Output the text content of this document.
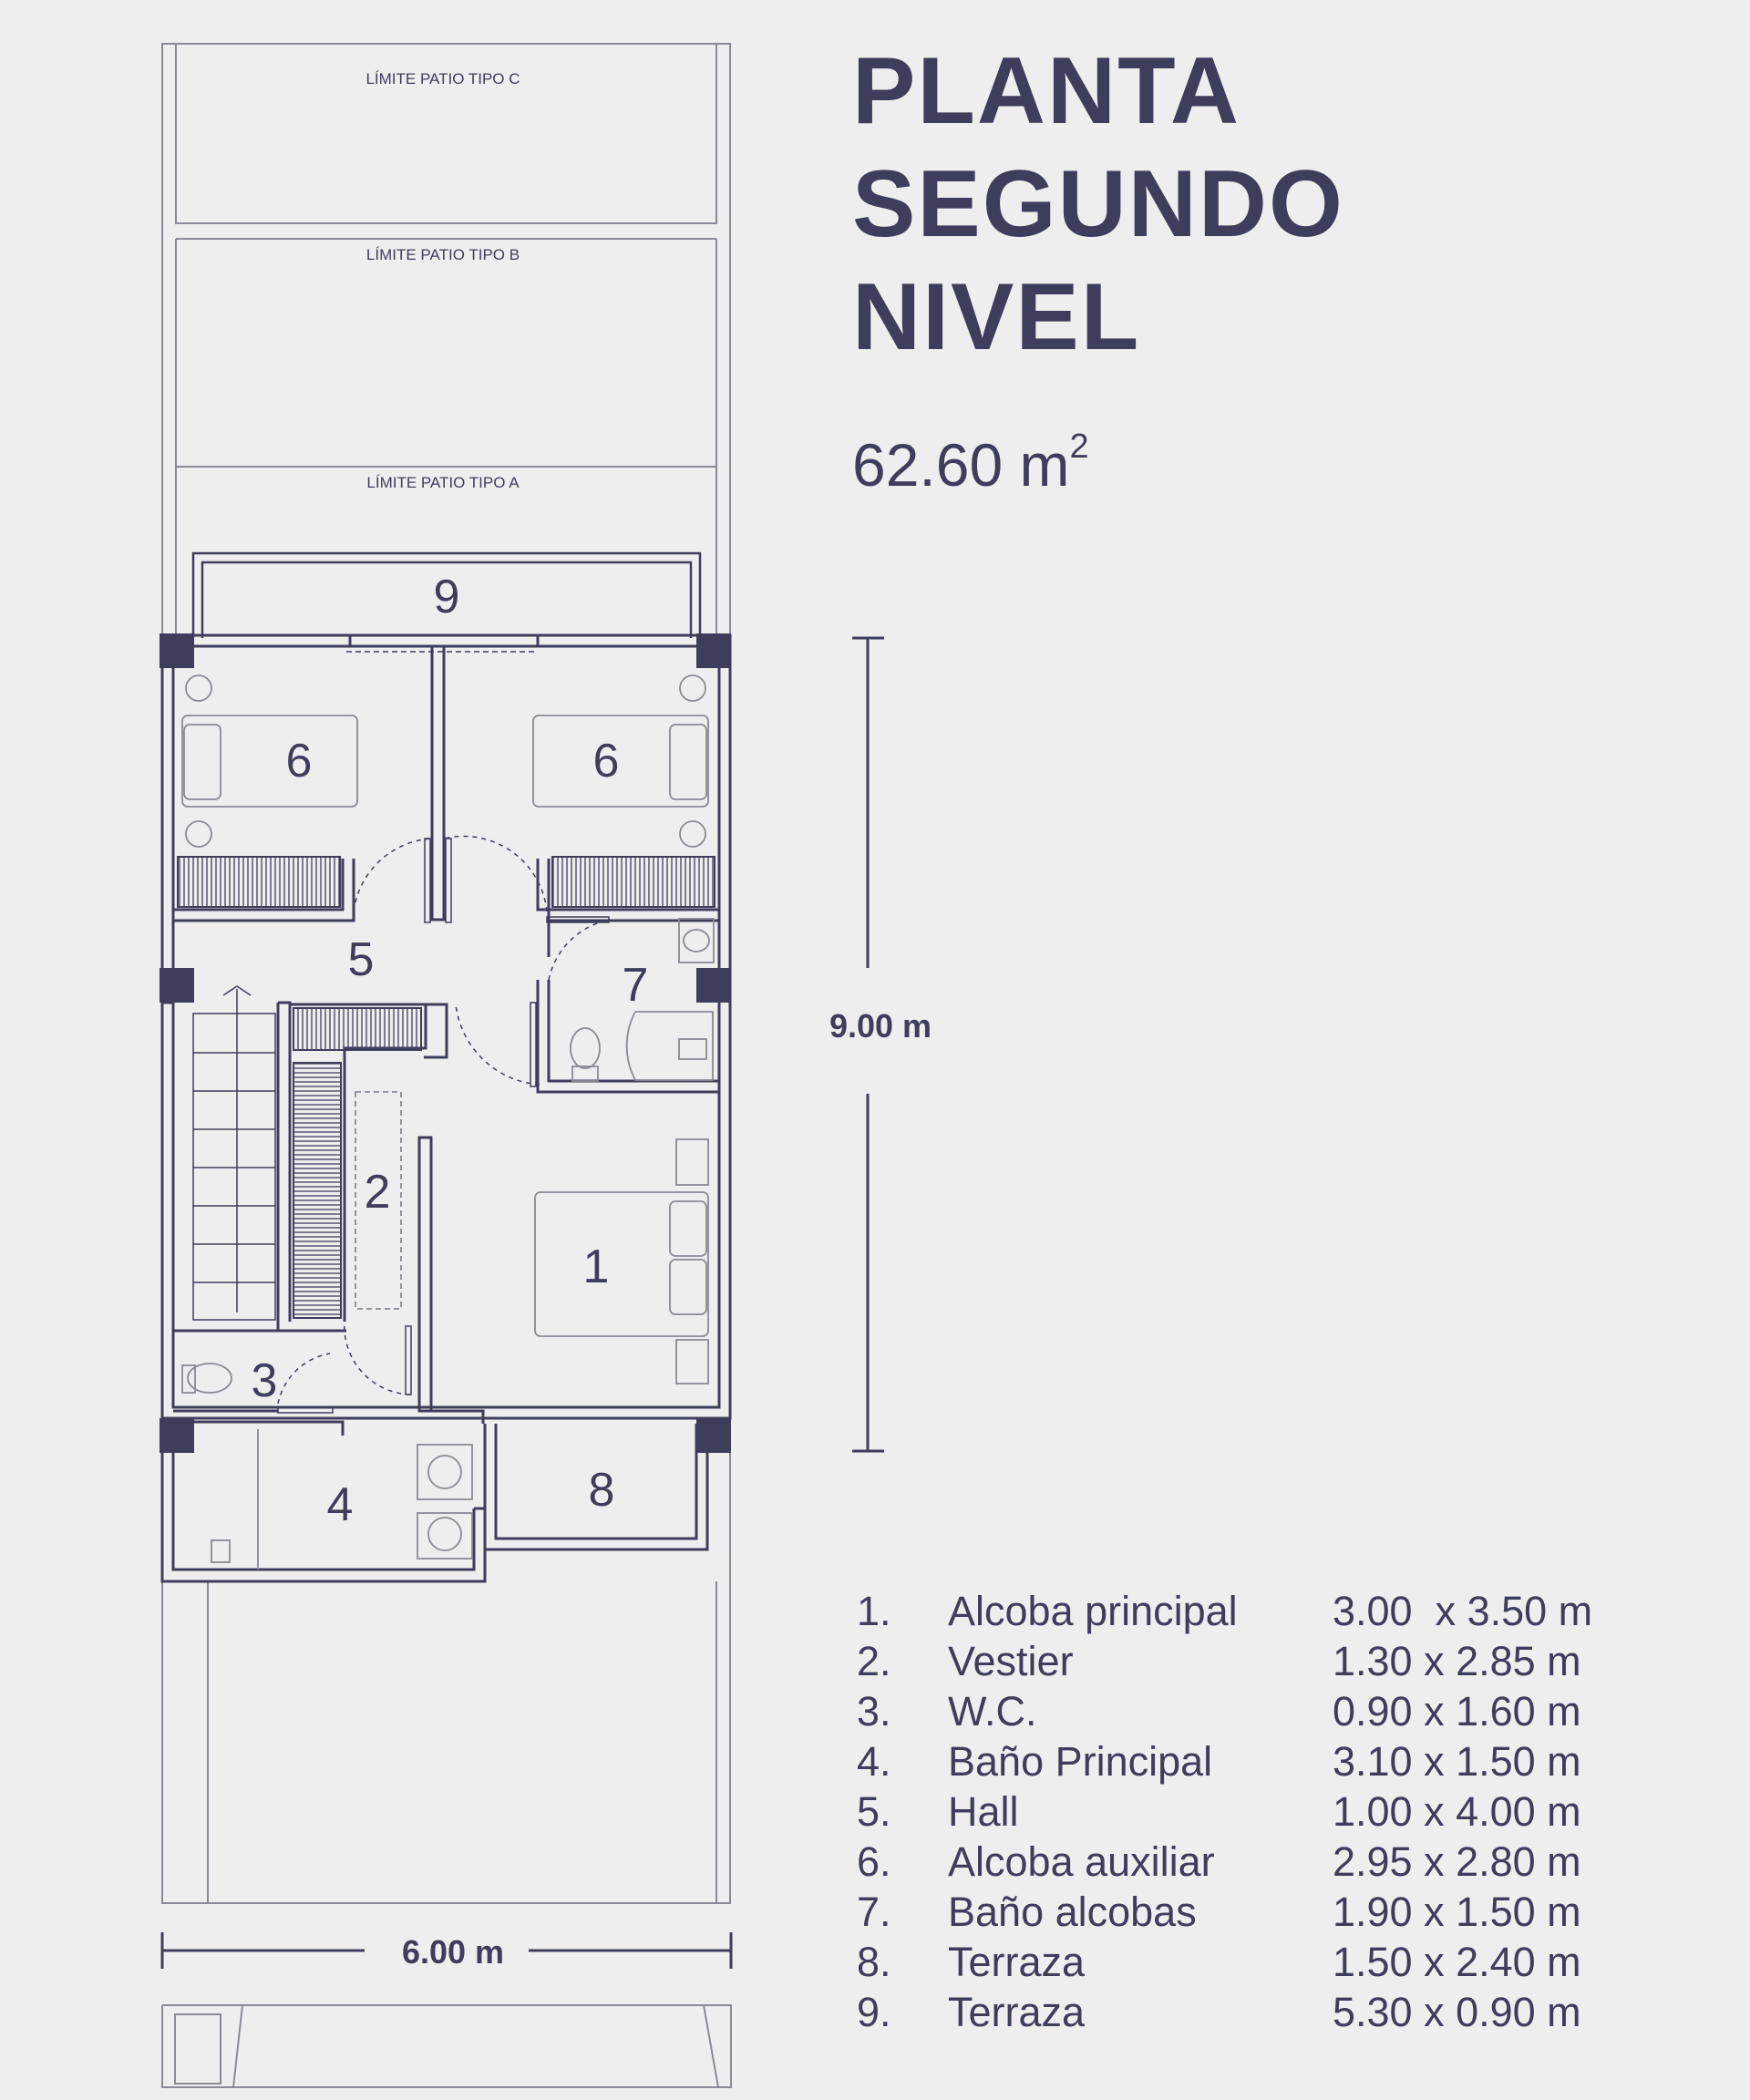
LÍMITE PATIO TIPO C
LÍMITE PATIO TIPO B
LÍMITE PATIO TIPO A
9
6	6
5	7
2
1
3
4	8
6.00 m
9.00 m
PLANTA
SEGUNDO
NIVEL
62.60 $m^2$
1. Alcoba principal 3.00  x 3.50 m
2. Vestier	1.30 x 2.85 m
3. W.C.	0.90 x 1.60 m
4. Baño Principal	3.10 x 1.50 m
5. Hall	1.00 x 4.00 m
6. Alcoba auxiliar	2.95 x 2.80 m
7. Baño alcobas	1.90 x 1.50 m
8. Terraza	1.50 x 2.40 m
9. Terraza	5.30 x 0.90 m
